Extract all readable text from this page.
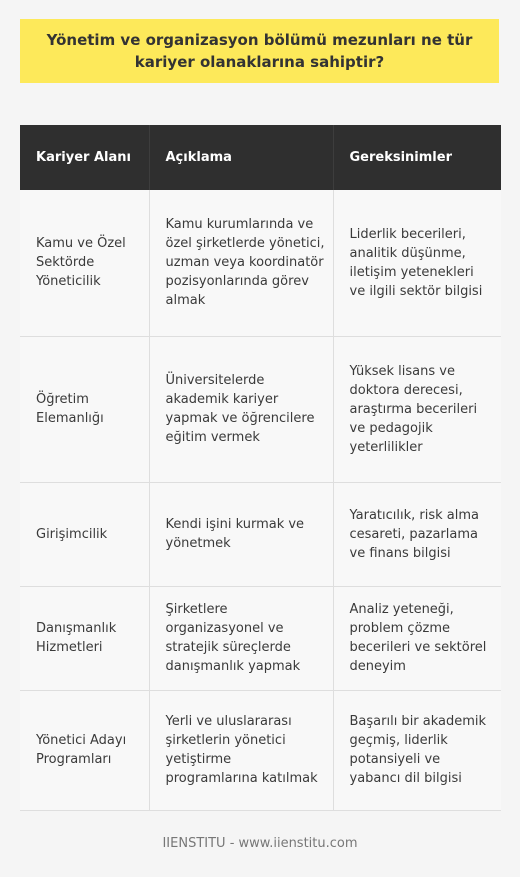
Yönetim ve organizasyon bölümü mezunları ne tür kariyer olanaklarına sahiptir?
Kariyer Alanı	Açıklama	Gereksinimler
Kamu ve Özel Sektörde Yöneticilik	Kamu kurumlarında ve özel şirketlerde yönetici, uzman veya koordinatör pozisyonlarında görev almak	Liderlik becerileri, analitik düşünme, iletişim yetenekleri ve ilgili sektör bilgisi
Öğretim Elemanlığı	Üniversitelerde akademik kariyer yapmak ve öğrencilere eğitim vermek	Yüksek lisans ve doktora derecesi, araştırma becerileri ve pedagojik yeterlilikler
Girişimcilik	Kendi işini kurmak ve yönetmek	Yaratıcılık, risk alma cesareti, pazarlama ve finans bilgisi
Danışmanlık Hizmetleri	Şirketlere organizasyonel ve stratejik süreçlerde danışmanlık yapmak	Analiz yeteneği, problem çözme becerileri ve sektörel deneyim
Yönetici Adayı Programları	Yerli ve uluslararası şirketlerin yönetici yetiştirme programlarına katılmak	Başarılı bir akademik geçmiş, liderlik potansiyeli ve yabancı dil bilgisi
IIENSTITU - www.iienstitu.com
